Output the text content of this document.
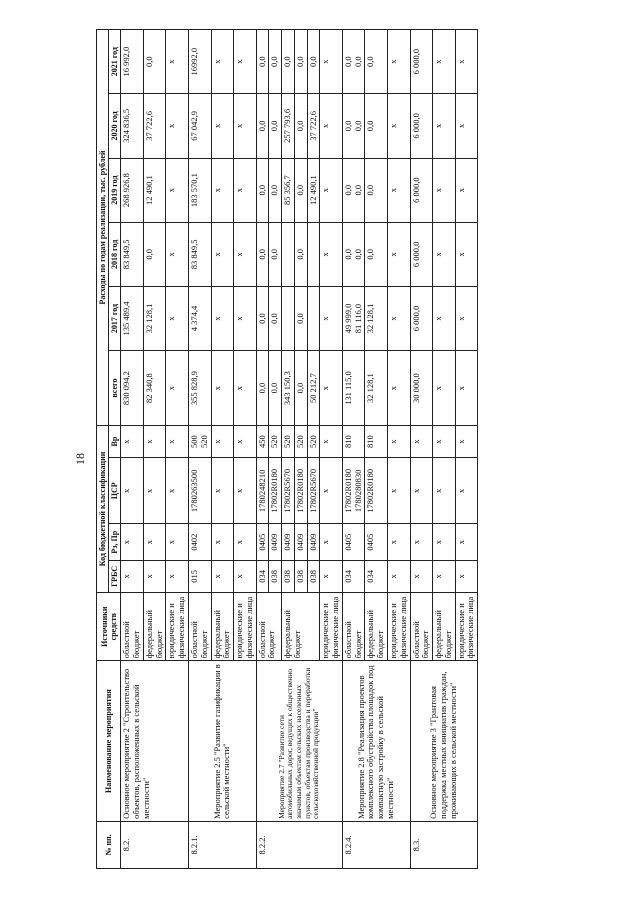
18
№ пп.	Наименование мероприятия	Источники средств	Код бюджетной классификации				Расходы по годам реализации, тыс. рублей					
			ГРБС	Рз, Пр	ЦСР	Вр	всего	2017 год	2018 год	2019 год	2020 год	2021 год
8.2.	Основное мероприятие 2 "Строительство объектов, расположенных в сельской местности"	областной бюджет	x	x	x	x	830 094,2	135 489,4	83 849,5	268 926,8	324 836,5	16 992,0
		федеральный бюджет	x	x	x	x	82 340,8	32 128,1	0,0	12 490,1	37 722,6	0,0
		юридические и физические лица	x	x	x	x	x	x	x	x	x	x
8.2.1.	Мероприятие 2.5 "Развитие газификации в сельской местности"	областной бюджет	015	0402	1780263500	500 520	355 828,9	4 374,4	83 849,5	183 570,1	67 042,9	16992,0
		федеральный бюджет	x	x	x	x	x	x	x	x	x	x
		юридические и физические лица	x	x	x	x	x	x	x	x	x	x
8.2.2.	Мероприятие 2.7 "Развитие сети автомобильных дорог, ведущих к общественно значимым объектам сельских населенных пунктов, объектам производства и переработки сельскохозяйственной продукции"	областной бюджет	034	0405	1780248210	450	0,0	0,0	0,0	0,0	0,0	0,0
			038	0409	17802R0180	520	0,0	0,0	0,0	0,0	0,0	0,0
		федеральный бюджет	038	0409	17802R5670	520	343 150,3			85 356,7	257 793,6	0,0
			038	0409	17802R0180	520	0,0	0,0	0,0	0,0	0,0	0,0
			038	0409	17802R5670	520	50 212,7			12 490,1	37 722,6	0,0
		юридические и физические лица	x	x	x	x	x	x	x	x	x	x
8.2.4.	Мероприятие 2.8 "Реализация проектов комплексного обустройства площадок под компактную застройку в сельской местности"	областной бюджет	034	0405	17802R0180 1780280830	810	131 115,0	49 999,0 81 116,0	0,0 0,0	0,0 0,0	0,0 0,0	0,0 0,0

		федеральный бюджет	034	0405	17802R0180	810	32 128,1	32 128,1	0,0	0,0	0,0	0,0
		юридические и физические лица	x	x	x	x	x	x	x	x	x	x
8.3.	Основное мероприятие 3 "Грантовая поддержка местных инициатив граждан, проживающих в сельской местности"	областной бюджет	x	x	x	x	30 000,0	6 000,0	6 000,0	6 000,0	6 000,0	6 000,0
		федеральный бюджет	x	x	x	x	x	x	x	x	x	x
		юридические и физические лица	x	x	x	x	x	x	x	x	x	x
